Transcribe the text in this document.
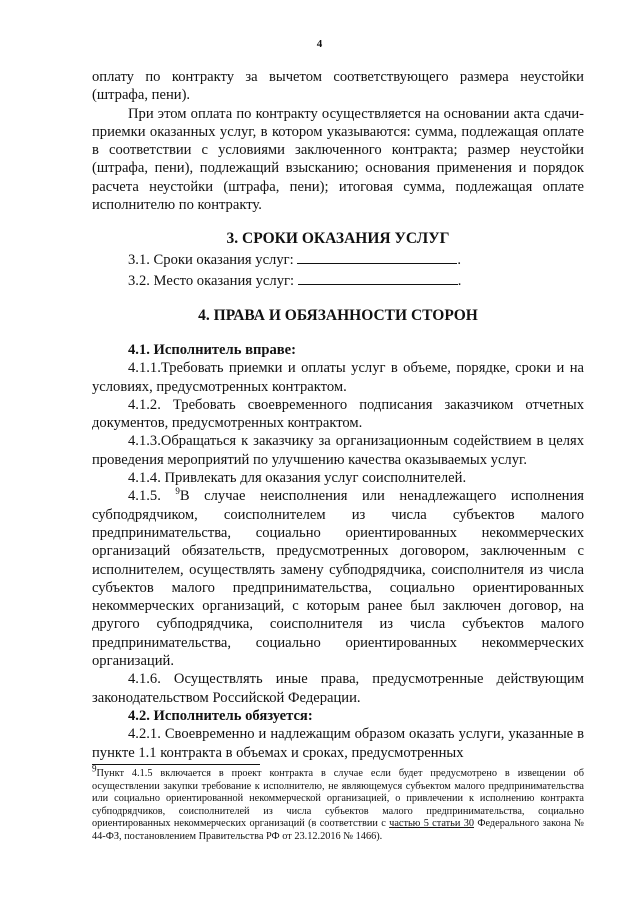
4

оплату по контракту за вычетом соответствующего размера неустойки (штрафа, пени).

При этом оплата по контракту осуществляется на основании акта сдачи-приемки оказанных услуг, в котором указываются: сумма, подлежащая оплате в соответствии с условиями заключенного контракта; размер неустойки (штрафа, пени), подлежащий взысканию; основания применения и порядок расчета неустойки (штрафа, пени); итоговая сумма, подлежащая оплате исполнителю по контракту.

3. СРОКИ ОКАЗАНИЯ УСЛУГ

3.1. Сроки оказания услуг:	.

3.2. Место оказания услуг:	.

4. ПРАВА И ОБЯЗАННОСТИ СТОРОН

4.1. Исполнитель вправе:

4.1.1.Требовать приемки и оплаты услуг в объеме, порядке, сроки и на условиях, предусмотренных контрактом.

4.1.2. Требовать своевременного подписания заказчиком отчетных документов, предусмотренных контрактом.

4.1.3.Обращаться к заказчику за организационным содействием в целях проведения мероприятий по улучшению качества оказываемых услуг.

4.1.4. Привлекать для оказания услуг соисполнителей.

4.1.5. $^9$В случае неисполнения или ненадлежащего исполнения субподрядчиком, соисполнителем из числа субъектов малого предпринимательства, социально ориентированных некоммерческих организаций обязательств, предусмотренных договором, заключенным с исполнителем, осуществлять замену субподрядчика, соисполнителя из числа субъектов малого предпринимательства, социально ориентированных некоммерческих организаций, с которым ранее был заключен договор, на другого субподрядчика, соисполнителя из числа субъектов малого предпринимательства, социально ориентированных некоммерческих организаций.

4.1.6. Осуществлять иные права, предусмотренные действующим законодательством Российской Федерации.

4.2. Исполнитель обязуется:

4.2.1. Своевременно и надлежащим образом оказать услуги, указанные в пункте 1.1 контракта в объемах и сроках, предусмотренных

$^9$Пункт 4.1.5 включается в проект контракта в случае если будет предусмотрено в извещении об осуществлении закупки требование к исполнителю, не являющемуся субъектом малого предпринимательства или социально ориентированной некоммерческой организацией, о привлечении к исполнению контракта субподрядчиков, соисполнителей из числа субъектов малого предпринимательства, социально ориентированных некоммерческих организаций (в соответствии с частью 5 статьи 30 Федерального закона № 44-ФЗ, постановлением Правительства РФ от 23.12.2016 № 1466).
